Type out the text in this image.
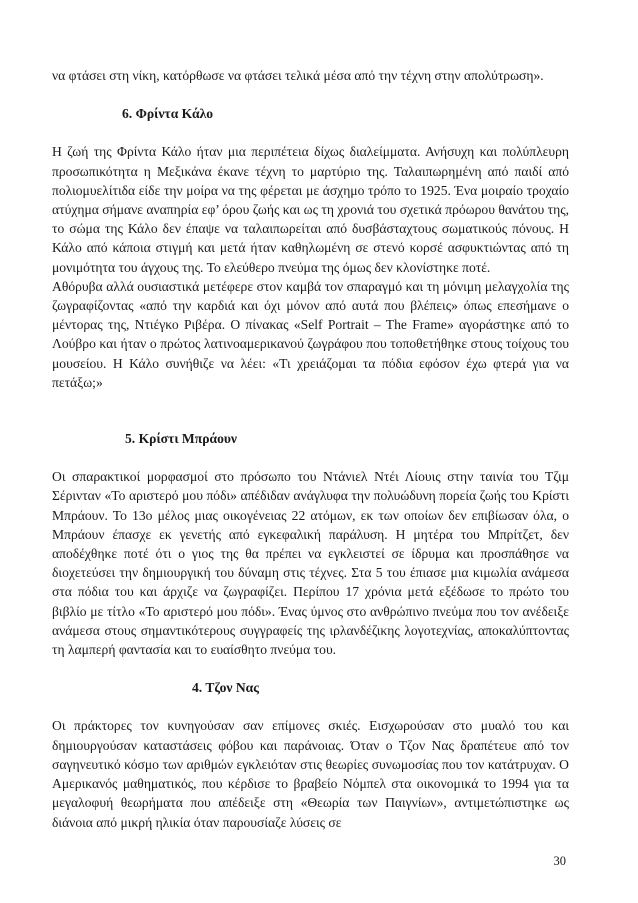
να φτάσει στη νίκη, κατόρθωσε να φτάσει τελικά μέσα από την τέχνη στην απολύτρωση».

6. Φρίντα Κάλο

Η ζωή της Φρίντα Κάλο ήταν μια περιπέτεια δίχως διαλείμματα. Ανήσυχη και πολύπλευρη προσωπικότητα η Μεξικάνα έκανε τέχνη το μαρτύριο της. Ταλαιπωρημένη από παιδί από πολιομυελίτιδα είδε την μοίρα να της φέρεται με άσχημο τρόπο το 1925. Ένα μοιραίο τροχαίο ατύχημα σήμανε αναπηρία εφ’ όρου ζωής και ως τη χρονιά του σχετικά πρόωρου θανάτου της, το σώμα της Κάλο δεν έπαψε να ταλαιπωρείται από δυσβάσταχτους σωματικούς πόνους. Η Κάλο από κάποια στιγμή και μετά ήταν καθηλωμένη σε στενό κορσέ ασφυκτιώντας από τη μονιμότητα του άγχους της. Το ελεύθερο πνεύμα της όμως δεν κλονίστηκε ποτέ.

Αθόρυβα αλλά ουσιαστικά μετέφερε στον καμβά τον σπαραγμό και τη μόνιμη μελαγχολία της ζωγραφίζοντας «από την καρδιά και όχι μόνον από αυτά που βλέπεις» όπως επεσήμανε ο μέντορας της, Ντιέγκο Ριβέρα. Ο πίνακας «Self Portrait – The Frame» αγοράστηκε από το Λούβρο και ήταν ο πρώτος λατινοαμερικανού ζωγράφου που τοποθετήθηκε στους τοίχους του μουσείου. Η Κάλο συνήθιζε να λέει: «Τι χρειάζομαι τα πόδια εφόσον έχω φτερά για να πετάξω;»

5. Κρίστι Μπράουν

Οι σπαρακτικοί μορφασμοί στο πρόσωπο του Ντάνιελ Ντέι Λίουις στην ταινία του Τζιμ Σέρινταν «Το αριστερό μου πόδι» απέδιδαν ανάγλυφα την πολυώδυνη πορεία ζωής του Κρίστι Μπράουν. Το 13ο μέλος μιας οικογένειας 22 ατόμων, εκ των οποίων δεν επιβίωσαν όλα, ο Μπράουν έπασχε εκ γενετής από εγκεφαλική παράλυση. Η μητέρα του Μπρίτζετ, δεν αποδέχθηκε ποτέ ότι ο γιος της θα πρέπει να εγκλειστεί σε ίδρυμα και προσπάθησε να διοχετεύσει την δημιουργική του δύναμη στις τέχνες. Στα 5 του έπιασε μια κιμωλία ανάμεσα στα πόδια του και άρχιζε να ζωγραφίζει. Περίπου 17 χρόνια μετά εξέδωσε το πρώτο του βιβλίο με τίτλο «Το αριστερό μου πόδι». Ένας ύμνος στο ανθρώπινο πνεύμα που τον ανέδειξε ανάμεσα στους σημαντικότερους συγγραφείς της ιρλανδέζικης λογοτεχνίας, αποκαλύπτοντας τη λαμπερή φαντασία και το ευαίσθητο πνεύμα του.

4. Τζον Νας

Οι πράκτορες τον κυνηγούσαν σαν επίμονες σκιές. Εισχωρούσαν στο μυαλό του και δημιουργούσαν καταστάσεις φόβου και παράνοιας. Όταν ο Τζον Νας δραπέτευε από τον σαγηνευτικό κόσμο των αριθμών εγκλειόταν στις θεωρίες συνωμοσίας που τον κατάτρυχαν. Ο Αμερικανός μαθηματικός, που κέρδισε το βραβείο Νόμπελ στα οικονομικά το 1994 για τα μεγαλοφυή θεωρήματα που απέδειξε στη «Θεωρία των Παιγνίων», αντιμετώπιστηκε ως διάνοια από μικρή ηλικία όταν παρουσίαζε λύσεις σε

30
